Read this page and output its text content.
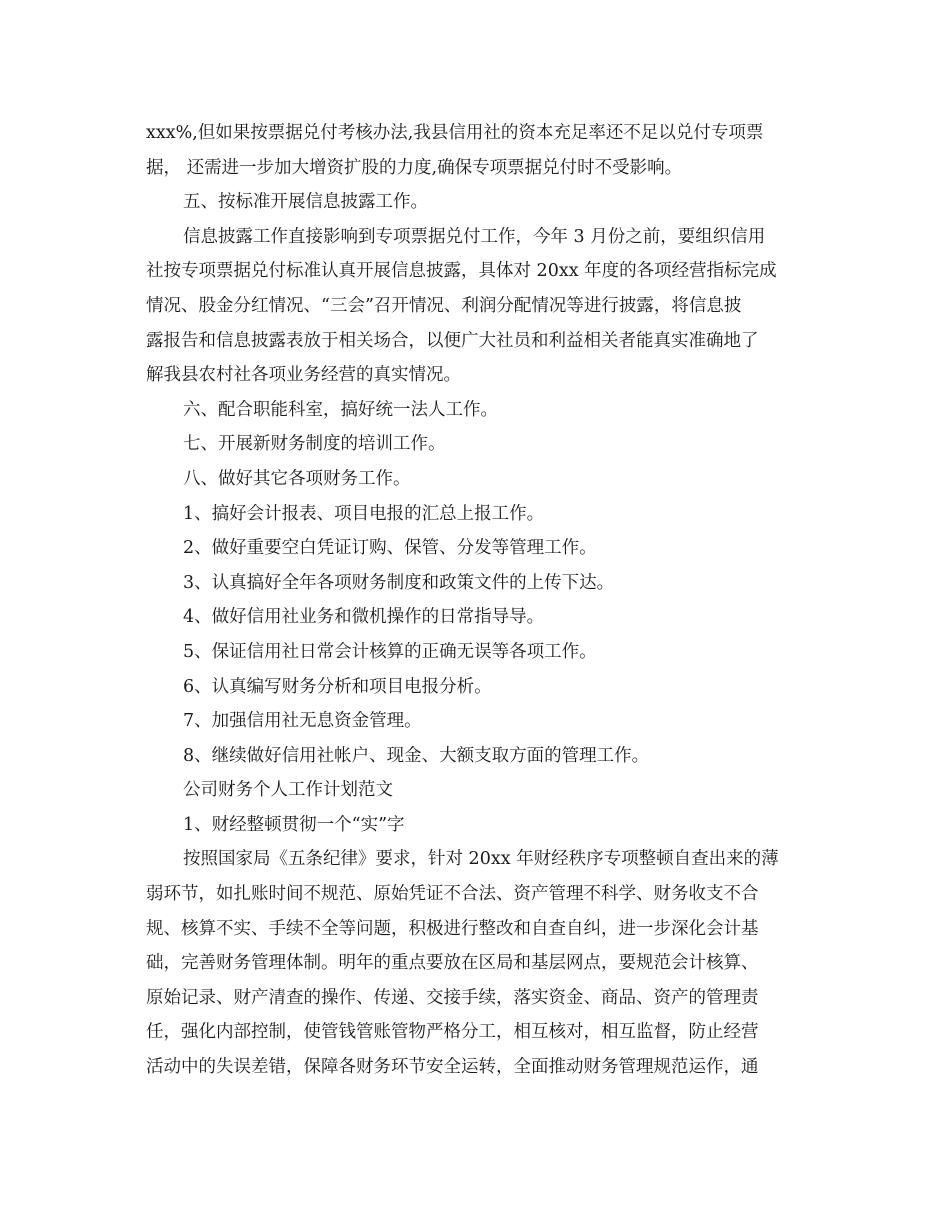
xxx%,但如果按票据兑付考核办法,我县信用社的资本充足率还不足以兑付专项票
据， 还需进一步加大增资扩股的力度,确保专项票据兑付时不受影响。
五、按标准开展信息披露工作。
信息披露工作直接影响到专项票据兑付工作，今年 3 月份之前，要组织信用
社按专项票据兑付标准认真开展信息披露，具体对 20xx 年度的各项经营指标完成
情况、股金分红情况、“三会”召开情况、利润分配情况等进行披露，将信息披
露报告和信息披露表放于相关场合，以便广大社员和利益相关者能真实准确地了
解我县农村社各项业务经营的真实情况。
六、配合职能科室，搞好统一法人工作。
七、开展新财务制度的培训工作。
八、做好其它各项财务工作。
1、搞好会计报表、项目电报的汇总上报工作。
2、做好重要空白凭证订购、保管、分发等管理工作。
3、认真搞好全年各项财务制度和政策文件的上传下达。
4、做好信用社业务和微机操作的日常指导导。
5、保证信用社日常会计核算的正确无误等各项工作。
6、认真编写财务分析和项目电报分析。
7、加强信用社无息资金管理。
8、继续做好信用社帐户、现金、大额支取方面的管理工作。
公司财务个人工作计划范文
1、财经整顿贯彻一个“实”字
按照国家局《五条纪律》要求，针对 20xx 年财经秩序专项整顿自查出来的薄
弱环节，如扎账时间不规范、原始凭证不合法、资产管理不科学、财务收支不合
规、核算不实、手续不全等问题，积极进行整改和自查自纠，进一步深化会计基
础，完善财务管理体制。明年的重点要放在区局和基层网点，要规范会计核算、
原始记录、财产清查的操作、传递、交接手续，落实资金、商品、资产的管理责
任，强化内部控制，使管钱管账管物严格分工，相互核对，相互监督，防止经营
活动中的失误差错，保障各财务环节安全运转，全面推动财务管理规范运作，通
